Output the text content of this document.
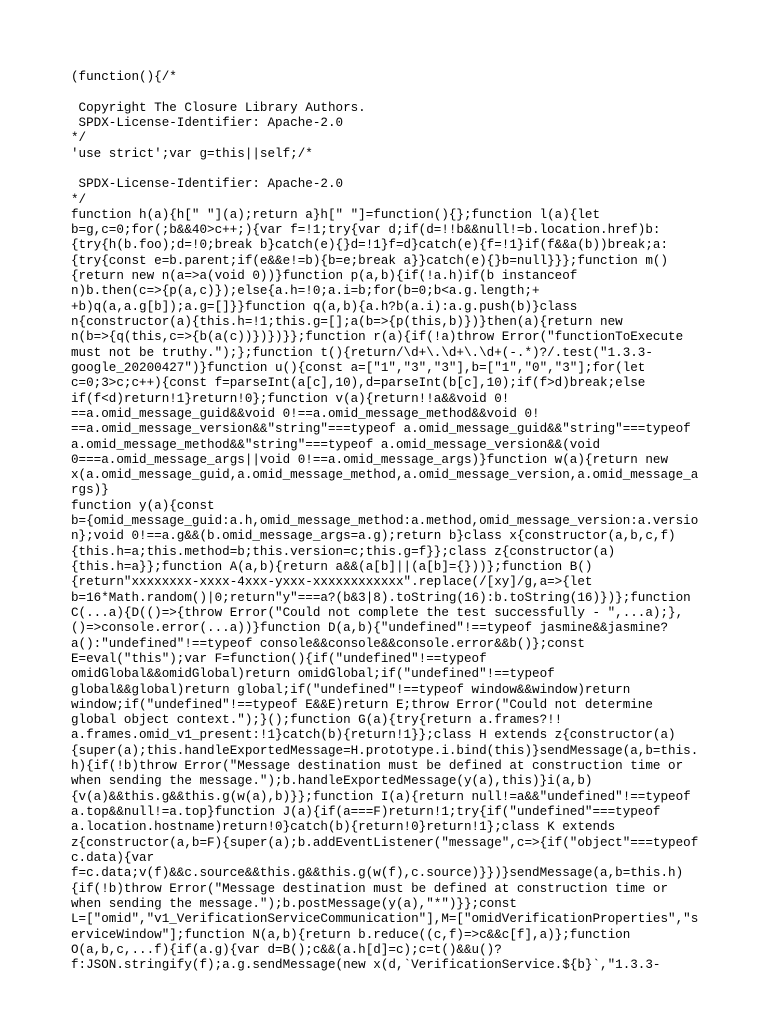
(function(){/*

Copyright The Closure Library Authors.
SPDX-License-Identifier: Apache-2.0
*/
'use strict';var g=this||self;/*

SPDX-License-Identifier: Apache-2.0
*/
function h(a){h[" "](a);return a}h[" "]=function(){};function l(a){let
b=g,c=0;for(;b&&40>c++;){var f=!1;try{var d;if(d=!!b&&null!=b.location.href)b:
{try{h(b.foo);d=!0;break b}catch(e){}d=!1}f=d}catch(e){f=!1}if(f&&a(b))break;a:
{try{const e=b.parent;if(e&&e!=b){b=e;break a}}catch(e){}b=null}}};function m()
{return new n(a=>a(void 0))}function p(a,b){if(!a.h)if(b instanceof
n)b.then(c=>{p(a,c)});else{a.h=!0;a.i=b;for(b=0;b<a.g.length;+
+b)q(a,a.g[b]);a.g=[]}}function q(a,b){a.h?b(a.i):a.g.push(b)}class
n{constructor(a){this.h=!1;this.g=[];a(b=>{p(this,b)})}then(a){return new
n(b=>{q(this,c=>{b(a(c))})})}};function r(a){if(!a)throw Error("functionToExecute
must not be truthy.");};function t(){return/\d+\.\d+\.\d+(-.*)?/.test("1.3.3-
google_20200427")}function u(){const a=["1","3","3"],b=["1","0","3"];for(let
c=0;3>c;c++){const f=parseInt(a[c],10),d=parseInt(b[c],10);if(f>d)break;else
if(f<d)return!1}return!0};function v(a){return!!a&&void 0!
==a.omid_message_guid&&void 0!==a.omid_message_method&&void 0!
==a.omid_message_version&&"string"===typeof a.omid_message_guid&&"string"===typeof
a.omid_message_method&&"string"===typeof a.omid_message_version&&(void
0===a.omid_message_args||void 0!==a.omid_message_args)}function w(a){return new
x(a.omid_message_guid,a.omid_message_method,a.omid_message_version,a.omid_message_a
rgs)}
function y(a){const
b={omid_message_guid:a.h,omid_message_method:a.method,omid_message_version:a.versio
n};void 0!==a.g&&(b.omid_message_args=a.g);return b}class x{constructor(a,b,c,f)
{this.h=a;this.method=b;this.version=c;this.g=f}};class z{constructor(a)
{this.h=a}};function A(a,b){return a&&(a[b]||(a[b]={}))};function B()
{return"xxxxxxxx-xxxx-4xxx-yxxx-xxxxxxxxxxxx".replace(/[xy]/g,a=>{let
b=16*Math.random()|0;return"y"===a?(b&3|8).toString(16):b.toString(16)})};function
C(...a){D(()=>{throw Error("Could not complete the test successfully - ",...a);},
()=>console.error(...a))}function D(a,b){"undefined"!==typeof jasmine&&jasmine?
a():"undefined"!==typeof console&&console&&console.error&&b()};const
E=eval("this");var F=function(){if("undefined"!==typeof
omidGlobal&&omidGlobal)return omidGlobal;if("undefined"!==typeof
global&&global)return global;if("undefined"!==typeof window&&window)return
window;if("undefined"!==typeof E&&E)return E;throw Error("Could not determine
global object context.");}();function G(a){try{return a.frames?!!
a.frames.omid_v1_present:!1}catch(b){return!1}};class H extends z{constructor(a)
{super(a);this.handleExportedMessage=H.prototype.i.bind(this)}sendMessage(a,b=this.
h){if(!b)throw Error("Message destination must be defined at construction time or
when sending the message.");b.handleExportedMessage(y(a),this)}i(a,b)
{v(a)&&this.g&&this.g(w(a),b)}};function I(a){return null!=a&&"undefined"!==typeof
a.top&&null!=a.top}function J(a){if(a===F)return!1;try{if("undefined"===typeof
a.location.hostname)return!0}catch(b){return!0}return!1};class K extends
z{constructor(a,b=F){super(a);b.addEventListener("message",c=>{if("object"===typeof
c.data){var
f=c.data;v(f)&&c.source&&this.g&&this.g(w(f),c.source)}})}sendMessage(a,b=this.h)
{if(!b)throw Error("Message destination must be defined at construction time or
when sending the message.");b.postMessage(y(a),"*")}};const
L=["omid","v1_VerificationServiceCommunication"],M=["omidVerificationProperties","s
erviceWindow"];function N(a,b){return b.reduce((c,f)=>c&&c[f],a)};function
O(a,b,c,...f){if(a.g){var d=B();c&&(a.h[d]=c);c=t()&&u()?
f:JSON.stringify(f);a.g.sendMessage(new x(d,`VerificationService.${b}`,"1.3.3-
